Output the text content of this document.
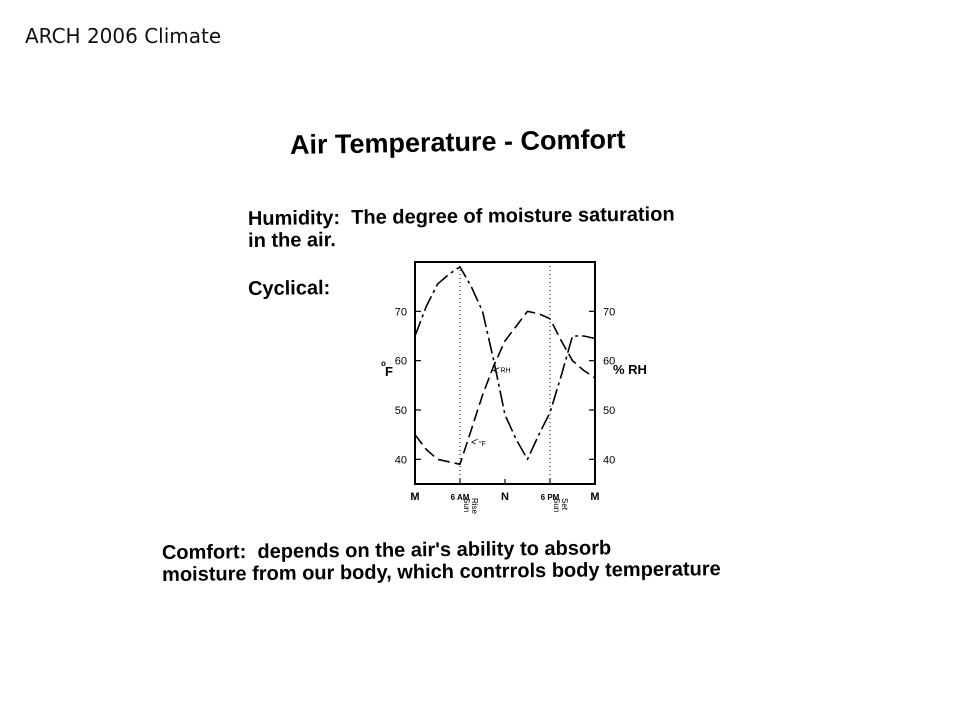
ARCH 2006 Climate
Air Temperature - Comfort
Humidity: The degree of moisture saturation
in the air.
Cyclical:
Comfort: depends on the air's ability to absorb
moisture from our body, which contrrols body temperature
Sun Rise	Sun Set
40
50
60
70
40
50
60
70
M	6 AM	N	6 PM	M
o
F	% RH
RH
°F
